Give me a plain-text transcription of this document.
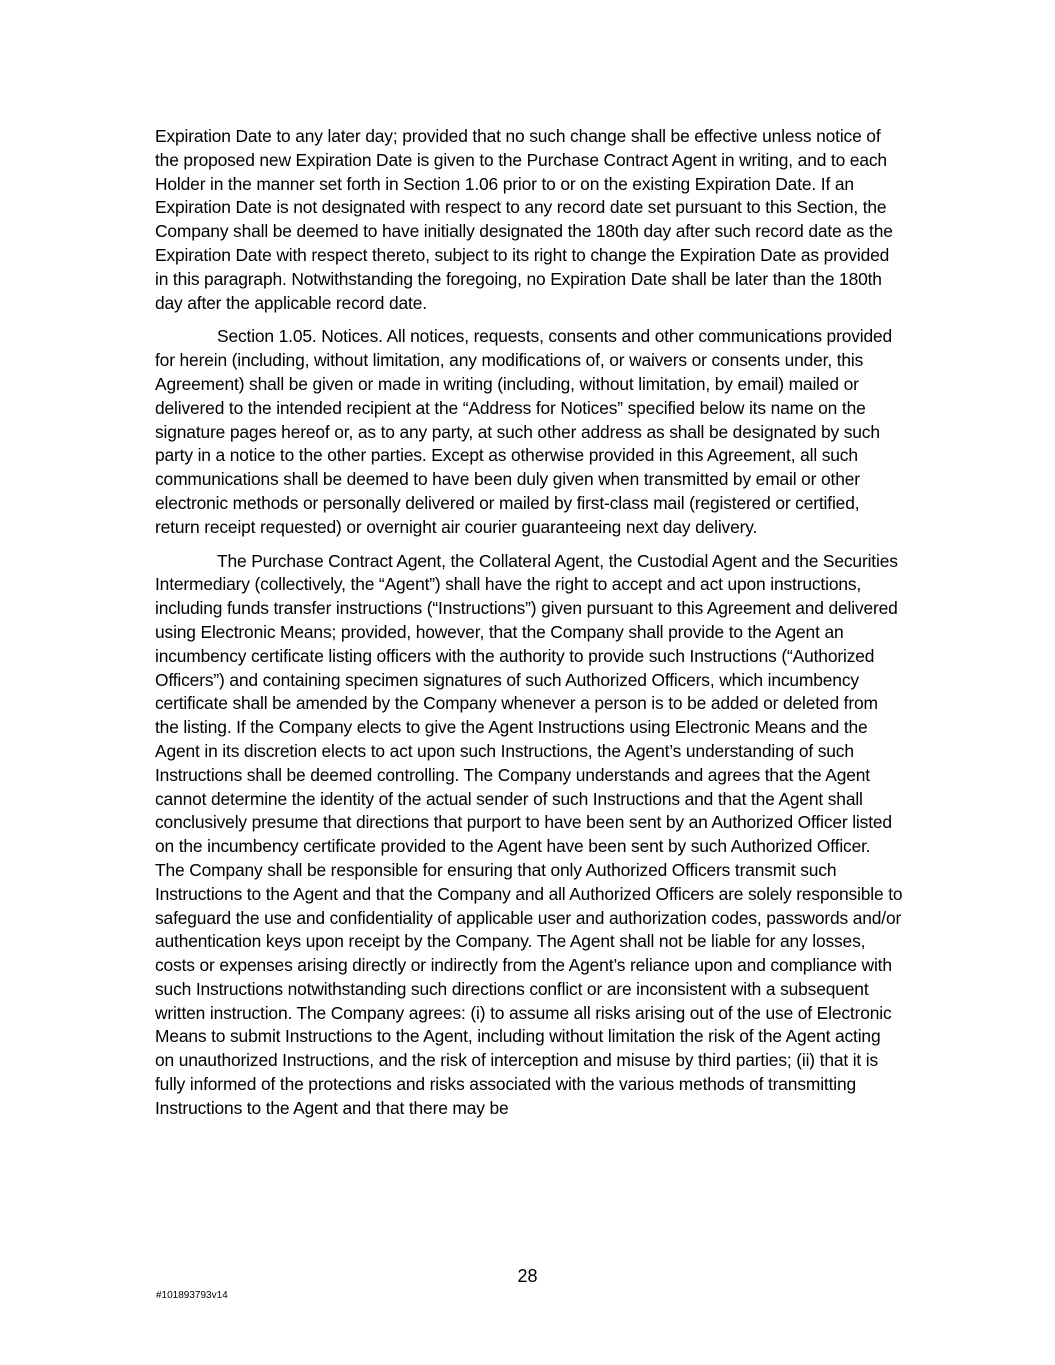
Expiration Date to any later day; provided that no such change shall be effective unless notice of the proposed new Expiration Date is given to the Purchase Contract Agent in writing, and to each Holder in the manner set forth in Section 1.06 prior to or on the existing Expiration Date. If an Expiration Date is not designated with respect to any record date set pursuant to this Section, the Company shall be deemed to have initially designated the 180th day after such record date as the Expiration Date with respect thereto, subject to its right to change the Expiration Date as provided in this paragraph. Notwithstanding the foregoing, no Expiration Date shall be later than the 180th day after the applicable record date.

Section 1.05. Notices. All notices, requests, consents and other communications provided for herein (including, without limitation, any modifications of, or waivers or consents under, this Agreement) shall be given or made in writing (including, without limitation, by email) mailed or delivered to the intended recipient at the “Address for Notices” specified below its name on the signature pages hereof or, as to any party, at such other address as shall be designated by such party in a notice to the other parties. Except as otherwise provided in this Agreement, all such communications shall be deemed to have been duly given when transmitted by email or other electronic methods or personally delivered or mailed by first-class mail (registered or certified, return receipt requested) or overnight air courier guaranteeing next day delivery.

The Purchase Contract Agent, the Collateral Agent, the Custodial Agent and the Securities Intermediary (collectively, the “Agent”) shall have the right to accept and act upon instructions, including funds transfer instructions (“Instructions”) given pursuant to this Agreement and delivered using Electronic Means; provided, however, that the Company shall provide to the Agent an incumbency certificate listing officers with the authority to provide such Instructions (“Authorized Officers”) and containing specimen signatures of such Authorized Officers, which incumbency certificate shall be amended by the Company whenever a person is to be added or deleted from the listing. If the Company elects to give the Agent Instructions using Electronic Means and the Agent in its discretion elects to act upon such Instructions, the Agent’s understanding of such Instructions shall be deemed controlling. The Company understands and agrees that the Agent cannot determine the identity of the actual sender of such Instructions and that the Agent shall conclusively presume that directions that purport to have been sent by an Authorized Officer listed on the incumbency certificate provided to the Agent have been sent by such Authorized Officer. The Company shall be responsible for ensuring that only Authorized Officers transmit such Instructions to the Agent and that the Company and all Authorized Officers are solely responsible to safeguard the use and confidentiality of applicable user and authorization codes, passwords and/or authentication keys upon receipt by the Company. The Agent shall not be liable for any losses, costs or expenses arising directly or indirectly from the Agent’s reliance upon and compliance with such Instructions notwithstanding such directions conflict or are inconsistent with a subsequent written instruction. The Company agrees: (i) to assume all risks arising out of the use of Electronic Means to submit Instructions to the Agent, including without limitation the risk of the Agent acting on unauthorized Instructions, and the risk of interception and misuse by third parties; (ii) that it is fully informed of the protections and risks associated with the various methods of transmitting Instructions to the Agent and that there may be

28
#101893793v14
